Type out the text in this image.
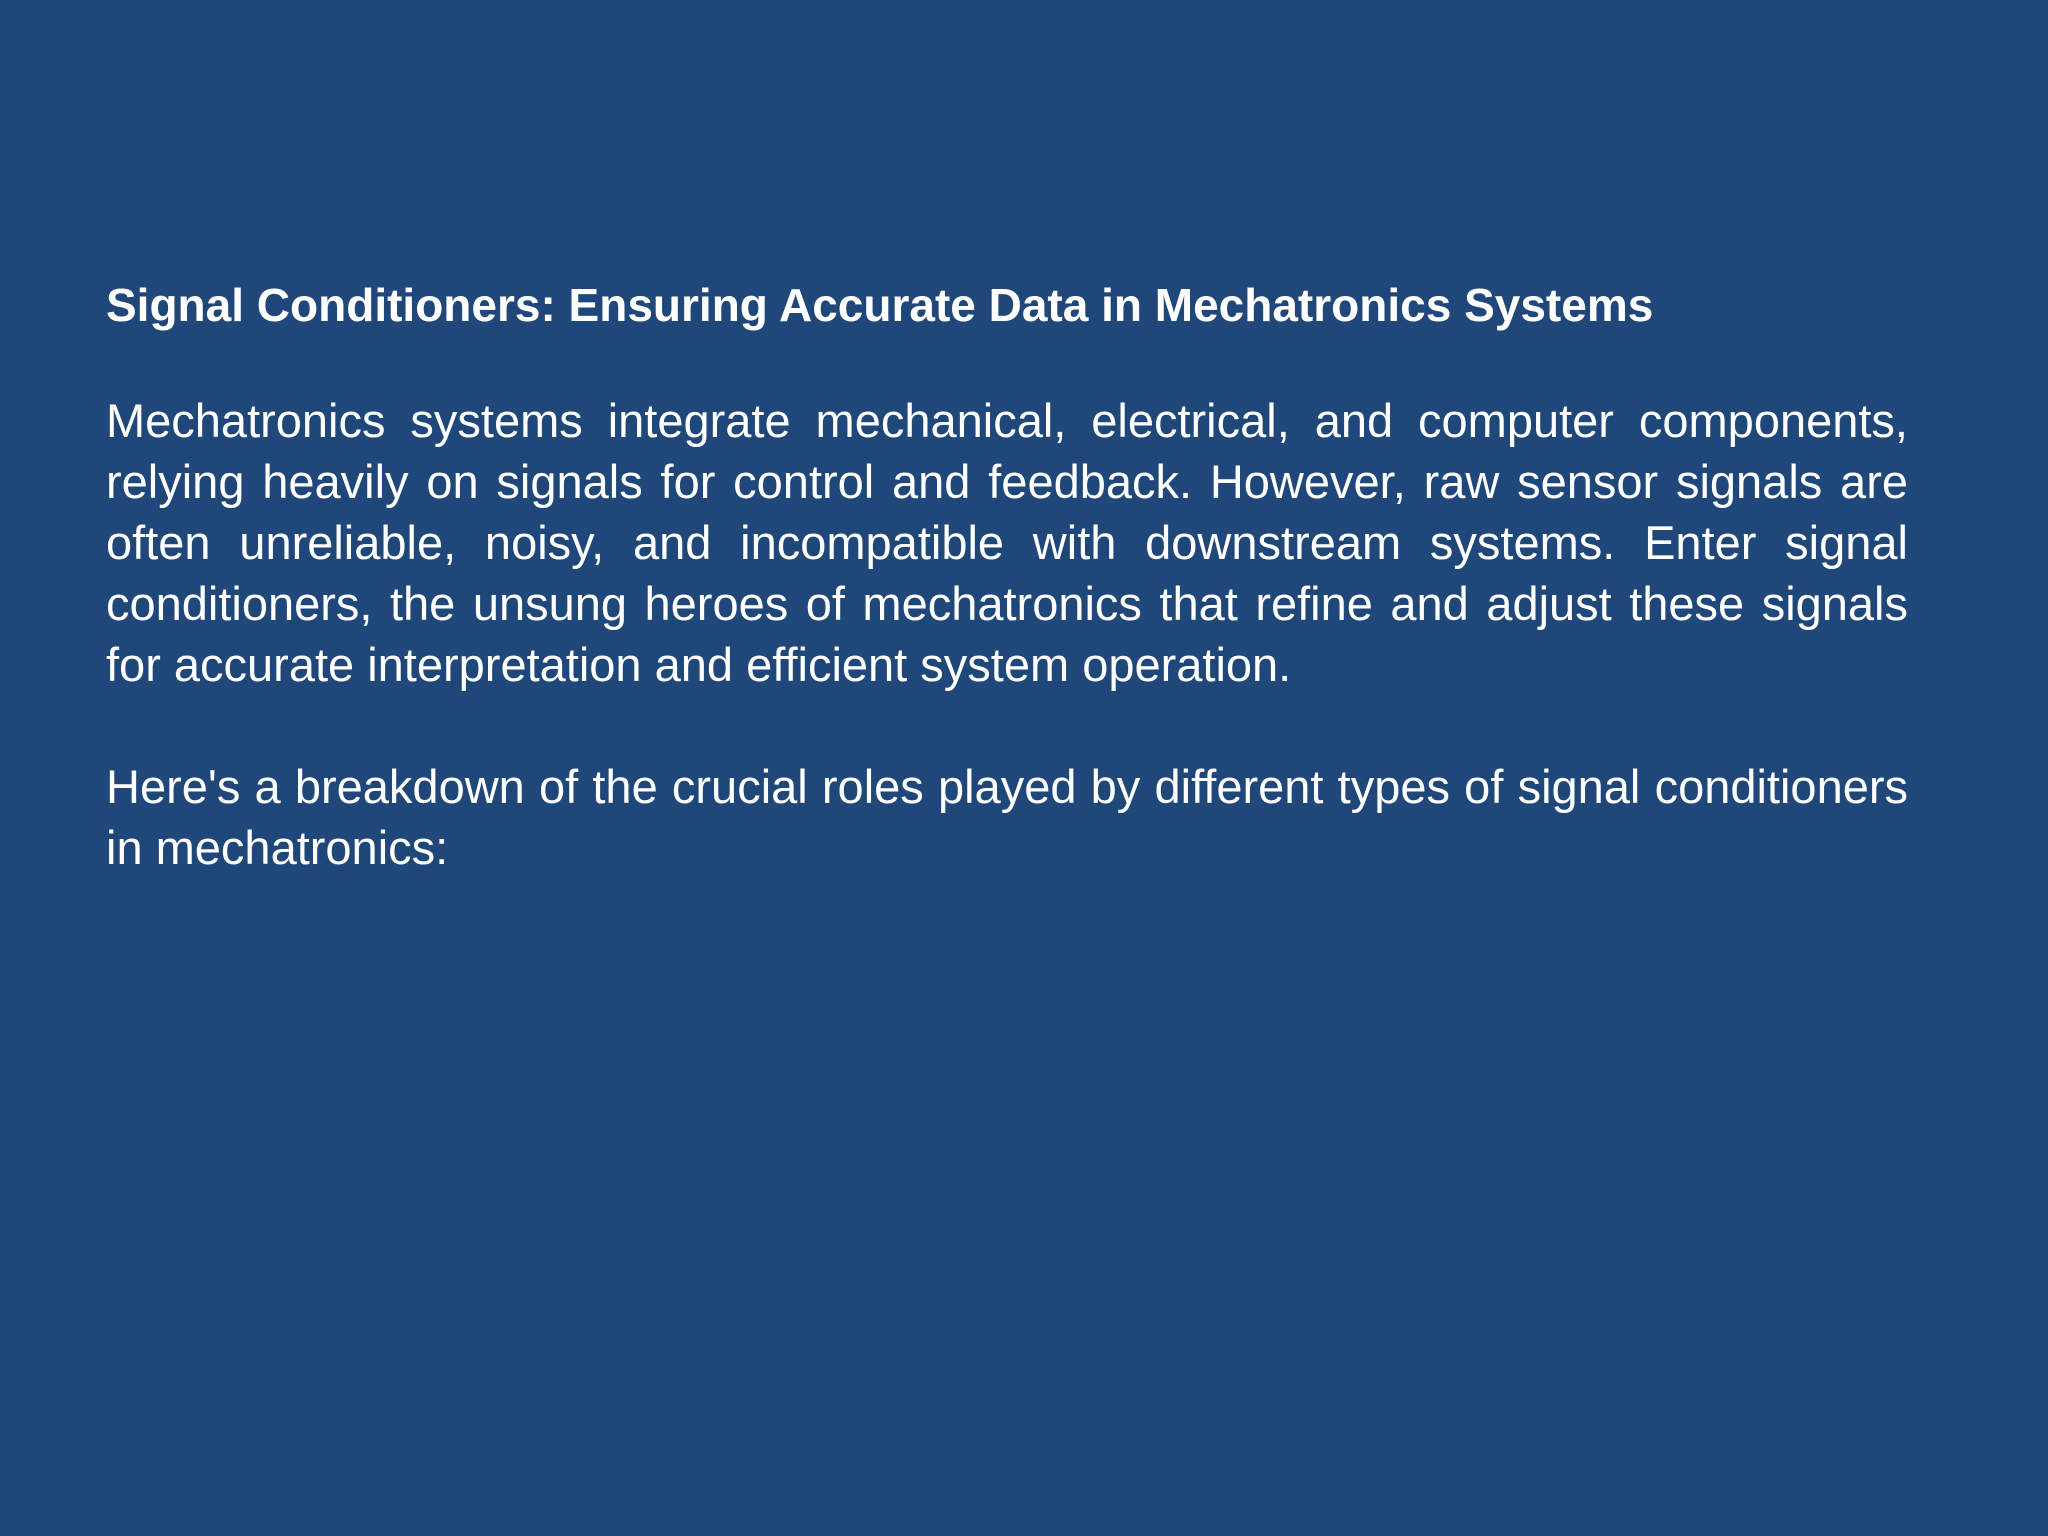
Signal Conditioners: Ensuring Accurate Data in Mechatronics Systems

Mechatronics systems integrate mechanical, electrical, and computer components, relying heavily on signals for control and feedback. However, raw sensor signals are often unreliable, noisy, and incompatible with downstream systems. Enter signal conditioners, the unsung heroes of mechatronics that refine and adjust these signals for accurate interpretation and efficient system operation.

Here's a breakdown of the crucial roles played by different types of signal conditioners in mechatronics:
